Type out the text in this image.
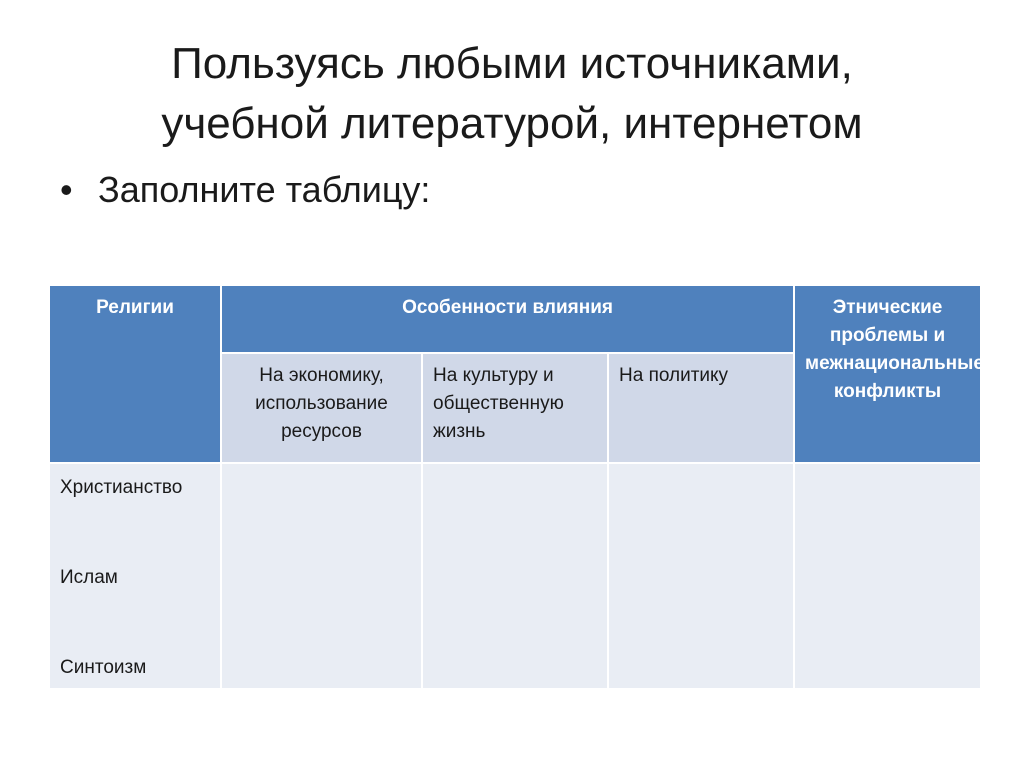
Пользуясь любыми источниками,
учебной литературой, интернетом
• Заполните таблицу:
Религии	Особенности влияния			Этнические проблемы и межнациональные конфликты
	На экономику, использование ресурсов	На культуру и общественную жизнь	На политику	

Христианство
Ислам
Синтоизм				
